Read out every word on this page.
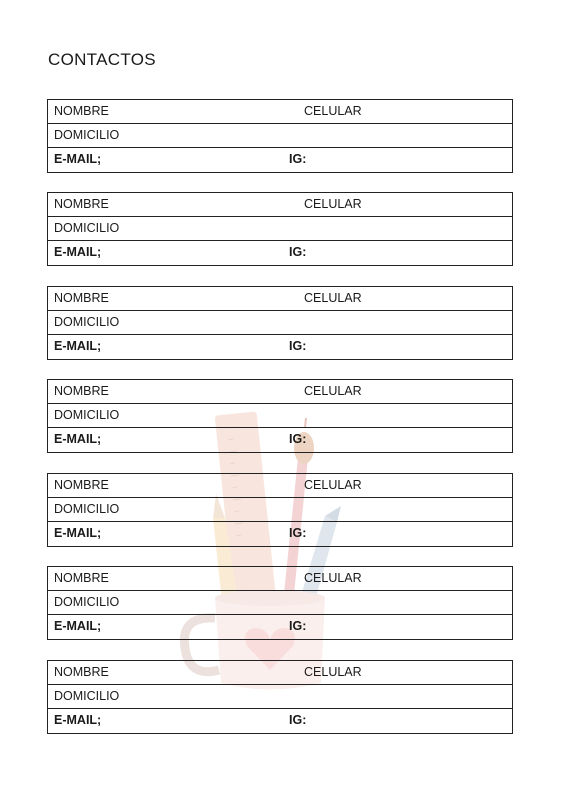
CONTACTOS
NOMBRE	CELULAR
DOMICILIO
E-MAIL;	IG:
NOMBRE	CELULAR
DOMICILIO
E-MAIL;	IG:
NOMBRE	CELULAR
DOMICILIO
E-MAIL;	IG:
NOMBRE	CELULAR
DOMICILIO
E-MAIL;	IG:
NOMBRE	CELULAR
DOMICILIO
E-MAIL;	IG:
NOMBRE	CELULAR
DOMICILIO
E-MAIL;	IG:
NOMBRE	CELULAR
DOMICILIO
E-MAIL;	IG:
